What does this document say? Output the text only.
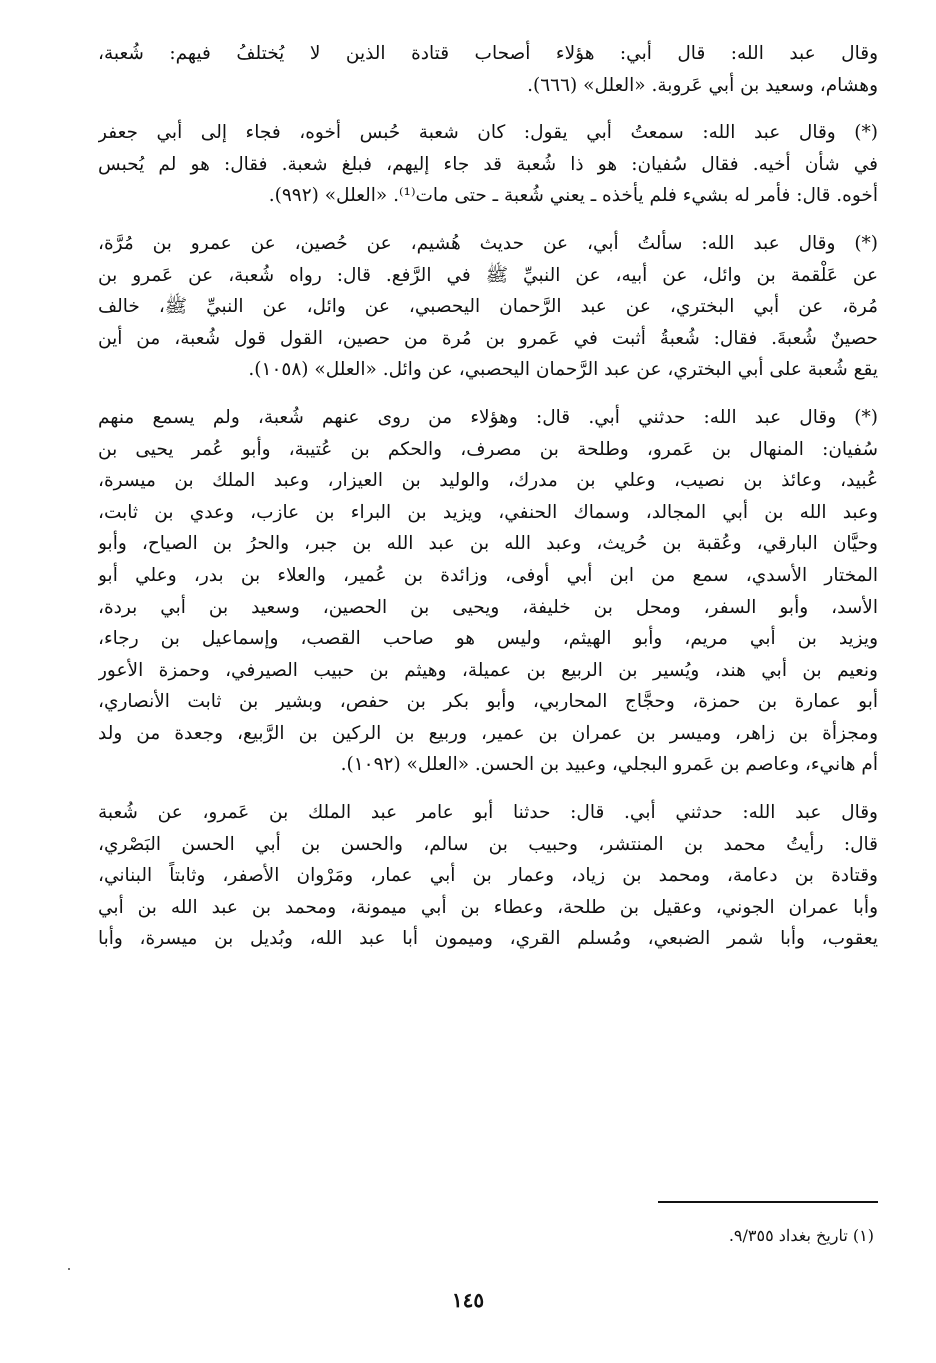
وقال عبد الله: قال أبي: هؤلاء أصحاب قتادة الذين لا يُختلفُ فيهم: شُعبة،
وهشام، وسعيد بن أبي عَروبة. «العلل» (٦٦٦).
(*) وقال عبد الله: سمعتُ أبي يقول: كان شعبة حُبس أخوه، فجاء إلى أبي جعفر
في شأن أخيه. فقال سُفيان: هو ذا شُعبة قد جاء إليهم، فبلغ شعبة. فقال: هو لم يُحبس
أخوه. قال: فأمر له بشيء فلم يأخذه ـ يعني شُعبة ـ حتى مات⁽¹⁾. «العلل» (٩٩٢).
(*) وقال عبد الله: سألتُ أبي، عن حديث هُشيم، عن حُصين، عن عمرو بن مُرَّة،
عن عَلْقمة بن وائل، عن أبيه، عن النبيِّ ﷺ في الرَّفع. قال: رواه شُعبة، عن عَمرو بن
مُرة، عن أبي البختري، عن عبد الرَّحمان اليحصبي، عن وائل، عن النبيِّ ﷺ، خالف
حصينٌ شُعبةَ. فقال: شُعبةُ أثبت في عَمرو بن مُرة من حصين، القول قول شُعبة، من أين
يقع شُعبة على أبي البختري، عن عبد الرَّحمان اليحصبي، عن وائل. «العلل» (١٠٥٨).
(*) وقال عبد الله: حدثني أبي. قال: وهؤلاء من روى عنهم شُعبة، ولم يسمع منهم
سُفيان: المنهال بن عَمرو، وطلحة بن مصرف، والحكم بن عُتيبة، وأبو عُمر يحيى بن
عُبيد، وعائذ بن نصيب، وعلي بن مدرك، والوليد بن العيزار، وعبد الملك بن ميسرة،
وعبد الله بن أبي المجالد، وسماك الحنفي، ويزيد بن البراء بن عازب، وعدي بن ثابت،
وحيَّان البارقي، وعُقبة بن حُريث، وعبد الله بن عبد الله بن جبر، والحرُ بن الصياح، وأبو
المختار الأسدي، سمع من ابن أبي أوفى، وزائدة بن عُمير، والعلاء بن بدر، وعلي أبو
الأسد، وأبو السفر، ومحل بن خليفة، ويحيى بن الحصين، وسعيد بن أبي بردة،
ويزيد بن أبي مريم، وأبو الهيثم، وليس هو صاحب القصب، وإسماعيل بن رجاء،
ونعيم بن أبي هند، ويُسير بن الربيع بن عميلة، وهيثم بن حبيب الصيرفي، وحمزة الأعور
أبو عمارة بن حمزة، وحجَّاج المحاربي، وأبو بكر بن حفص، وبشير بن ثابت الأنصاري،
ومجزأة بن زاهر، وميسر بن عمران بن عمير، وربيع بن الركين بن الرَّبيع، وجعدة من ولد
أم هانيء، وعاصم بن عَمرو البجلي، وعبيد بن الحسن. «العلل» (١٠٩٢).
وقال عبد الله: حدثني أبي. قال: حدثنا أبو عامر عبد الملك بن عَمرو، عن شُعبة
قال: رأيتُ محمد بن المنتشر، وحبيب بن سالم، والحسن بن أبي الحسن البَصْري،
وقتادة بن دعامة، ومحمد بن زياد، وعمار بن أبي عمار، ومَرْوان الأصفر، وثابتاً البناني،
وأبا عمران الجوني، وعقيل بن طلحة، وعطاء بن أبي ميمونة، ومحمد بن عبد الله بن أبي
يعقوب، وأبا شمر الضبعي، ومُسلم القري، وميمون أبا عبد الله، وبُديل بن ميسرة، وأبا
(١) تاريخ بغداد ٩/٣٥٥.
١٤٥
